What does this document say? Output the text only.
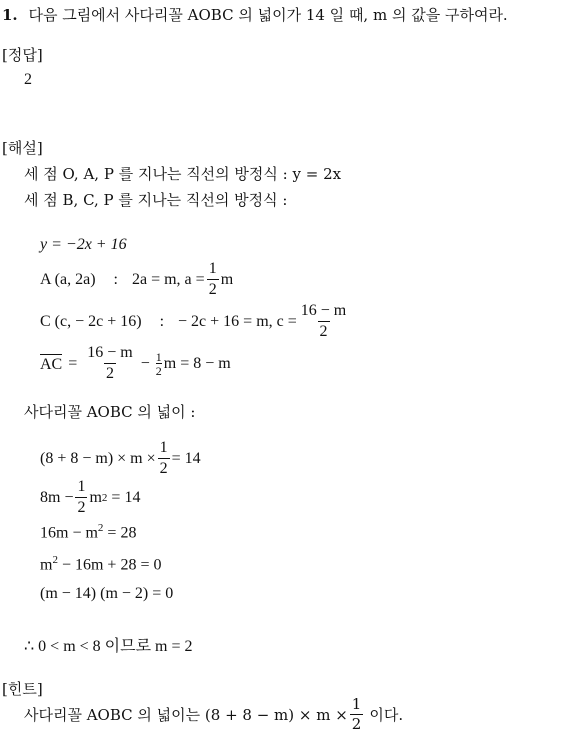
1. 다음 그림에서 사다리꼴 AOBC 의 넓이가 14 일 때, m 의 값을 구하여라.
[정답]
2
[해설]
세 점 O, A, P 를 지나는 직선의 방정식 : y = 2x
세 점 B, C, P 를 지나는 직선의 방정식 :
y = −2x + 16
A (a, 2a) : 2a = m, $a = \frac{1}{2}$ m
C (c, − 2c + 16) : − 2c + 16 = m, $c = \frac{16 - m}{2}$
AC = $\frac{16 - m}{2} - \frac{1}{2}$ m = 8 − m
사다리꼴 AOBC 의 넓이 :
$(8 + 8 - m) \times m \times \frac{1}{2} = 14$
$8m - \frac{1}{2}$ m 2 = 14
$16m - m^2 = 28$
$m^2 - 16m + 28 = 0$
(m − 14) (m − 2) = 0
∴ 0 < m < 8 이므로 m = 2
[힌트]
사다리꼴 AOBC 의 넓이는 $(8 + 8 - m) \times m \times \frac{1}{2}$ 이다.
